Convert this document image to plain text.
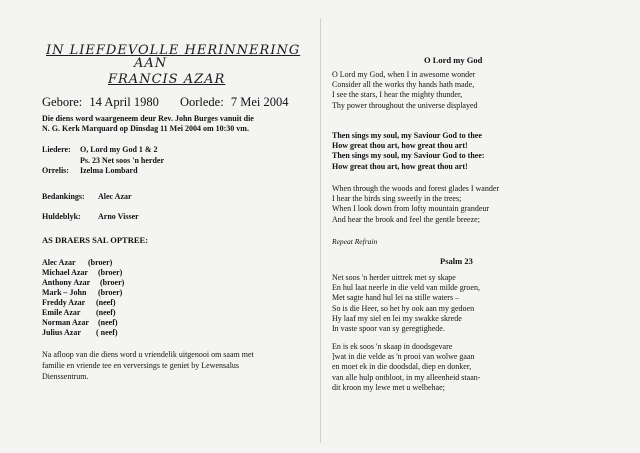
IN LIEFDEVOLLE HERINNERING
AAN
FRANCIS AZAR
Gebore: 14 April 1980 Oorlede: 7 Mei 2004
Die diens word waargeneem deur Rev. John Burges vanuit die
N. G. Kerk Marquard op Dinsdag 11 Mei 2004 om 10:30 vm.
Liedere: O, Lord my God 1 & 2
Ps. 23 Net soos 'n herder
Orrelis: Izelma Lombard
Bedankings: Alec Azar
Huldeblyk: Arno Visser
AS DRAERS SAL OPTREE:
Alec Azar (broer)
Michael Azar (broer)
Anthony Azar (broer)
Mark – John (broer)
Freddy Azar (neef)
Emile Azar (neef)
Norman Azar (neef)
Julius Azar ( neef)
Na afloop van die diens word u vriendelik uitgenooi om saam met
familie en vriende tee en verversings te geniet by Lewensalus
Dienssentrum.
O Lord my God
O Lord my God, when I in awesome wonder
Consider all the works thy hands hath made,
I see the stars, I hear the mighty thunder,
Thy power throughout the universe displayed
Then sings my soul, my Saviour God to thee
How great thou art, how great thou art!
Then sings my soul, my Saviour God to thee:
How great thou art, how great thou art!
When through the woods and forest glades I wander
I hear the birds sing sweetly in the trees;
When I look down from lofty mountain grandeur
And hear the brook and feel the gentle breeze;
Repeat Refrain
Psalm 23
Net soos 'n herder uittrek met sy skape
En hul laat neerle in die veld van milde groen,
Met sagte hand hul lei na stille waters –
So is die Heer, so het hy ook aan my gedoen
Hy laaf my siel en lei my swakke skrede
In vaste spoor van sy geregtighede.
En is ek soos 'n skaap in doodsgevare
]wat in die velde as 'n prooi van wolwe gaan
en moet ek in die doodsdal, diep en donker,
van alle hulp ontbloot, in my alleenheid staan-
dit kroon my lewe met u welbehae;
